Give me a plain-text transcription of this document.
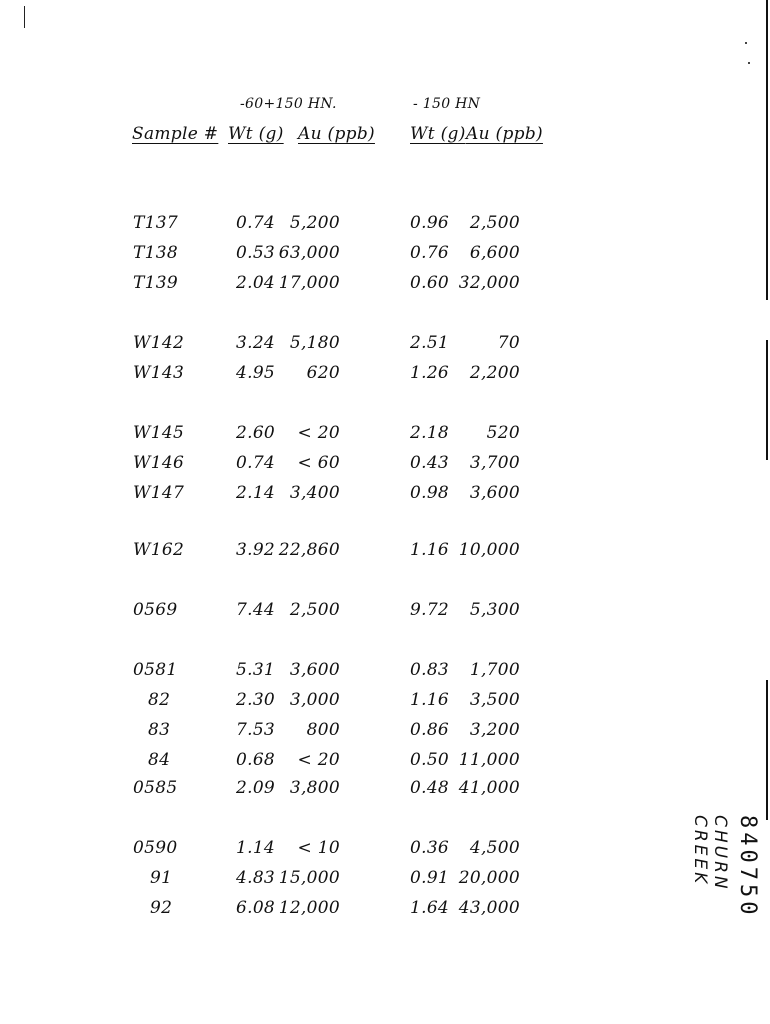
-60+150 HN.	- 150 HN
Sample # Wt (g) Au (ppb) Wt (g) Au (ppb)
T137	0.74 5,200	0.96 2,500
T138	0.53 63,000	0.76 6,600
T139	2.04 17,000	0.60 32,000
W142	3.24 5,180	2.51	70
W143	4.95 620	1.26 2,200
W145	2.60 < 20	2.18 520
W146	0.74 < 60	0.43 3,700
W147	2.14 3,400	0.98 3,600
W162	3.92 22,860	1.16 10,000
0569	7.44 2,500	9.72 5,300
0581	5.31 3,600	0.83 1,700
82	2.30 3,000	1.16 3,500
83	7.53 800	0.86 3,200
84	0.68 < 20	0.50 11,000
0585	2.09 3,800	0.48 41,000
0590	1.14 < 10	0.36 4,500
91	4.83 15,000	0.91 20,000
92	6.08 12,000	1.64 43,000	840750
CHURN CREEK
